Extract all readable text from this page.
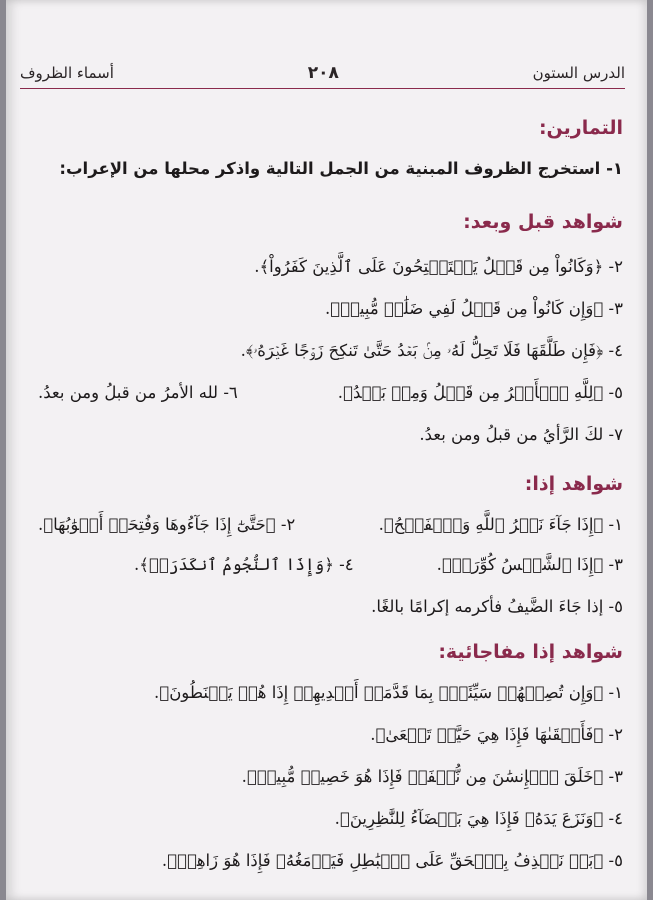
الدرس الستون
٢٠٨
أسماء الظروف
التمارين:
١- استخرج الظروف المبنية من الجمل التالية واذكر محلها من الإعراب:
شواهد قبل وبعد:
٢- ﴿وَكَانُواْ مِن قَبۡلُ يَسۡتَفۡتِحُونَ عَلَى ٱلَّذِينَ كَفَرُواْ﴾.
٣- ﴿وَإِن كَانُواْ مِن قَبۡلُ لَفِي ضَلَٰلٖ مُّبِينٖ﴾.
٤- ﴿فَإِن طَلَّقَهَا فَلَا تَحِلُّ لَهُۥ مِنۢ بَعۡدُ حَتَّىٰ تَنكِحَ زَوۡجًا غَيۡرَهُۥ﴾.
٥- ﴿لِلَّهِ ٱلۡأَمۡرُ مِن قَبۡلُ وَمِنۢ بَعۡدُ﴾.
٦- لله الأمرُ من قبلُ ومن بعدُ.
٧- لكَ الرَّأيُ من قبلُ ومن بعدُ.
شواهد إذا:
١- ﴿إِذَا جَآءَ نَصۡرُ ٱللَّهِ وَٱلۡفَتۡحُ﴾.
٢- ﴿حَتَّىٰٓ إِذَا جَآءُوهَا وَفُتِحَتۡ أَبۡوَٰبُهَا﴾.
٣- ﴿إِذَا ٱلشَّمۡسُ كُوِّرَتۡ﴾.
٤- ﴿وَإِذَا ٱلنُّجُومُ ٱنكَدَرَتۡ﴾.
٥- إذا جَاءَ الضَّيفُ فأكرمه إكرامًا بالغًا.
شواهد إذا مفاجائية:
١- ﴿وَإِن تُصِبۡهُمۡ سَيِّئَةُۢ بِمَا قَدَّمَتۡ أَيۡدِيهِمۡ إِذَا هُمۡ يَقۡنَطُونَ﴾.
٢- ﴿فَأَلۡقَىٰهَا فَإِذَا هِيَ حَيَّةٞ تَسۡعَىٰ﴾.
٣- ﴿خَلَقَ ٱلۡإِنسَٰنَ مِن نُّطۡفَةٖ فَإِذَا هُوَ خَصِيمٞ مُّبِينٞ﴾.
٤- ﴿وَنَزَعَ يَدَهُۥ فَإِذَا هِيَ بَيۡضَآءُ لِلنَّٰظِرِينَ﴾.
٥- ﴿بَلۡ نَقۡذِفُ بِٱلۡحَقِّ عَلَى ٱلۡبَٰطِلِ فَيَدۡمَغُهُۥ فَإِذَا هُوَ زَاهِقٞ﴾.
